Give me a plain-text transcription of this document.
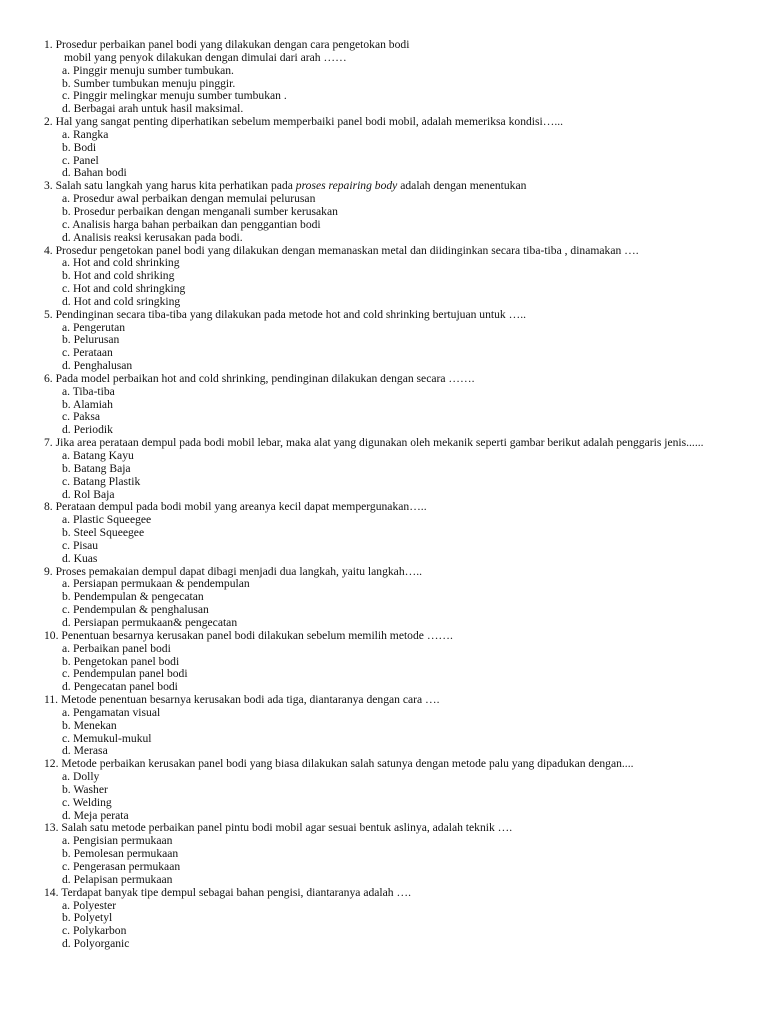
1. Prosedur perbaikan panel bodi yang dilakukan dengan cara pengetokan bodi
mobil yang penyok dilakukan dengan dimulai dari arah ……
a. Pinggir menuju sumber tumbukan.
b. Sumber tumbukan menuju pinggir.
c. Pinggir melingkar menuju sumber tumbukan .
d. Berbagai arah untuk hasil maksimal.
2. Hal yang sangat penting diperhatikan sebelum memperbaiki panel bodi mobil, adalah memeriksa kondisi…...
a. Rangka
b. Bodi
c. Panel
d. Bahan bodi
3. Salah satu langkah yang harus kita perhatikan pada proses repairing body adalah dengan menentukan
a. Prosedur awal perbaikan dengan memulai pelurusan
b. Prosedur perbaikan dengan menganali sumber kerusakan
c. Analisis harga bahan perbaikan dan penggantian bodi
d. Analisis reaksi kerusakan pada bodi.
4. Prosedur pengetokan panel bodi yang dilakukan dengan memanaskan metal dan diidinginkan secara tiba-tiba , dinamakan ….
a. Hot and cold shrinking
b. Hot and cold shriking
c. Hot and cold shringking
d. Hot and cold sringking
5. Pendinginan secara tiba-tiba yang dilakukan pada metode hot and cold shrinking bertujuan untuk …..
a. Pengerutan
b. Pelurusan
c. Perataan
d. Penghalusan
6. Pada model perbaikan hot and cold shrinking, pendinginan dilakukan dengan secara …….
a. Tiba-tiba
b. Alamiah
c. Paksa
d. Periodik
7. Jika area perataan dempul pada bodi mobil lebar, maka alat yang digunakan oleh mekanik seperti gambar berikut adalah penggaris jenis......
a. Batang Kayu
b. Batang Baja
c. Batang Plastik
d. Rol Baja
8. Perataan dempul pada bodi mobil yang areanya kecil dapat mempergunakan…..
a. Plastic Squeegee
b. Steel Squeegee
c. Pisau
d. Kuas
9. Proses pemakaian dempul dapat dibagi menjadi dua langkah, yaitu langkah…..
a. Persiapan permukaan & pendempulan
b. Pendempulan & pengecatan
c. Pendempulan & penghalusan
d. Persiapan permukaan& pengecatan
10. Penentuan besarnya kerusakan panel bodi dilakukan sebelum memilih metode …….
a. Perbaikan panel bodi
b. Pengetokan panel bodi
c. Pendempulan panel bodi
d. Pengecatan panel bodi
11. Metode penentuan besarnya kerusakan bodi ada tiga, diantaranya dengan cara ….
a. Pengamatan visual
b. Menekan
c. Memukul-mukul
d. Merasa
12. Metode perbaikan kerusakan panel bodi yang biasa dilakukan salah satunya dengan metode palu yang dipadukan dengan....
a. Dolly
b. Washer
c. Welding
d. Meja perata
13. Salah satu metode perbaikan panel pintu bodi mobil agar sesuai bentuk aslinya, adalah teknik ….
a. Pengisian permukaan
b. Pemolesan permukaan
c. Pengerasan permukaan
d. Pelapisan permukaan
14. Terdapat banyak tipe dempul sebagai bahan pengisi, diantaranya adalah ….
a. Polyester
b. Polyetyl
c. Polykarbon
d. Polyorganic
